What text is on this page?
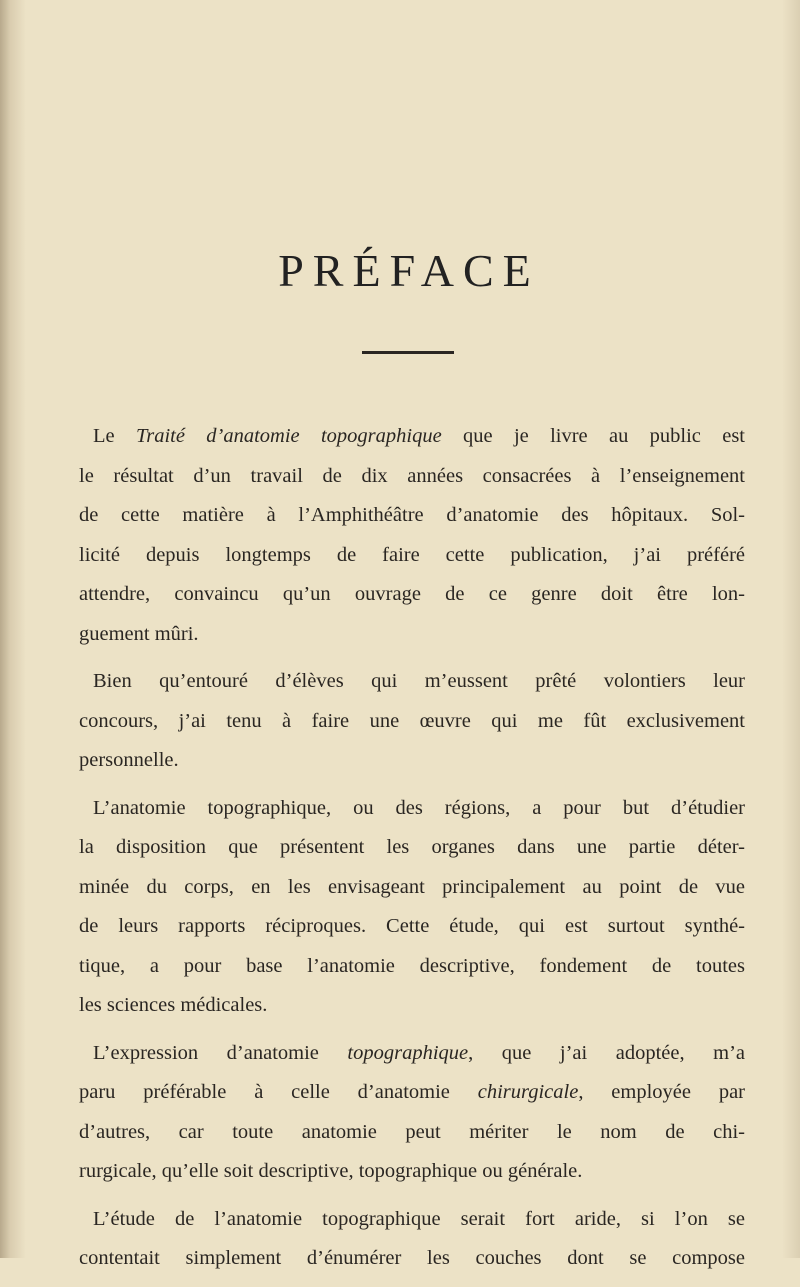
PRÉFACE
Le Traité d’anatomie topographique que je livre au public est
le résultat d’un travail de dix années consacrées à l’enseignement
de cette matière à l’Amphithéâtre d’anatomie des hôpitaux. Sol-
licité depuis longtemps de faire cette publication, j’ai préféré
attendre, convaincu qu’un ouvrage de ce genre doit être lon-
guement mûri.
Bien qu’entouré d’élèves qui m’eussent prêté volontiers leur
concours, j’ai tenu à faire une œuvre qui me fût exclusivement
personnelle.
L’anatomie topographique, ou des régions, a pour but d’étudier
la disposition que présentent les organes dans une partie déter-
minée du corps, en les envisageant principalement au point de vue
de leurs rapports réciproques. Cette étude, qui est surtout synthé-
tique, a pour base l’anatomie descriptive, fondement de toutes
les sciences médicales.
L’expression d’anatomie topographique, que j’ai adoptée, m’a
paru préférable à celle d’anatomie chirurgicale, employée par
d’autres, car toute anatomie peut mériter le nom de chi-
rurgicale, qu’elle soit descriptive, topographique ou générale.
L’étude de l’anatomie topographique serait fort aride, si l’on se
contentait simplement d’énumérer les couches dont se compose
